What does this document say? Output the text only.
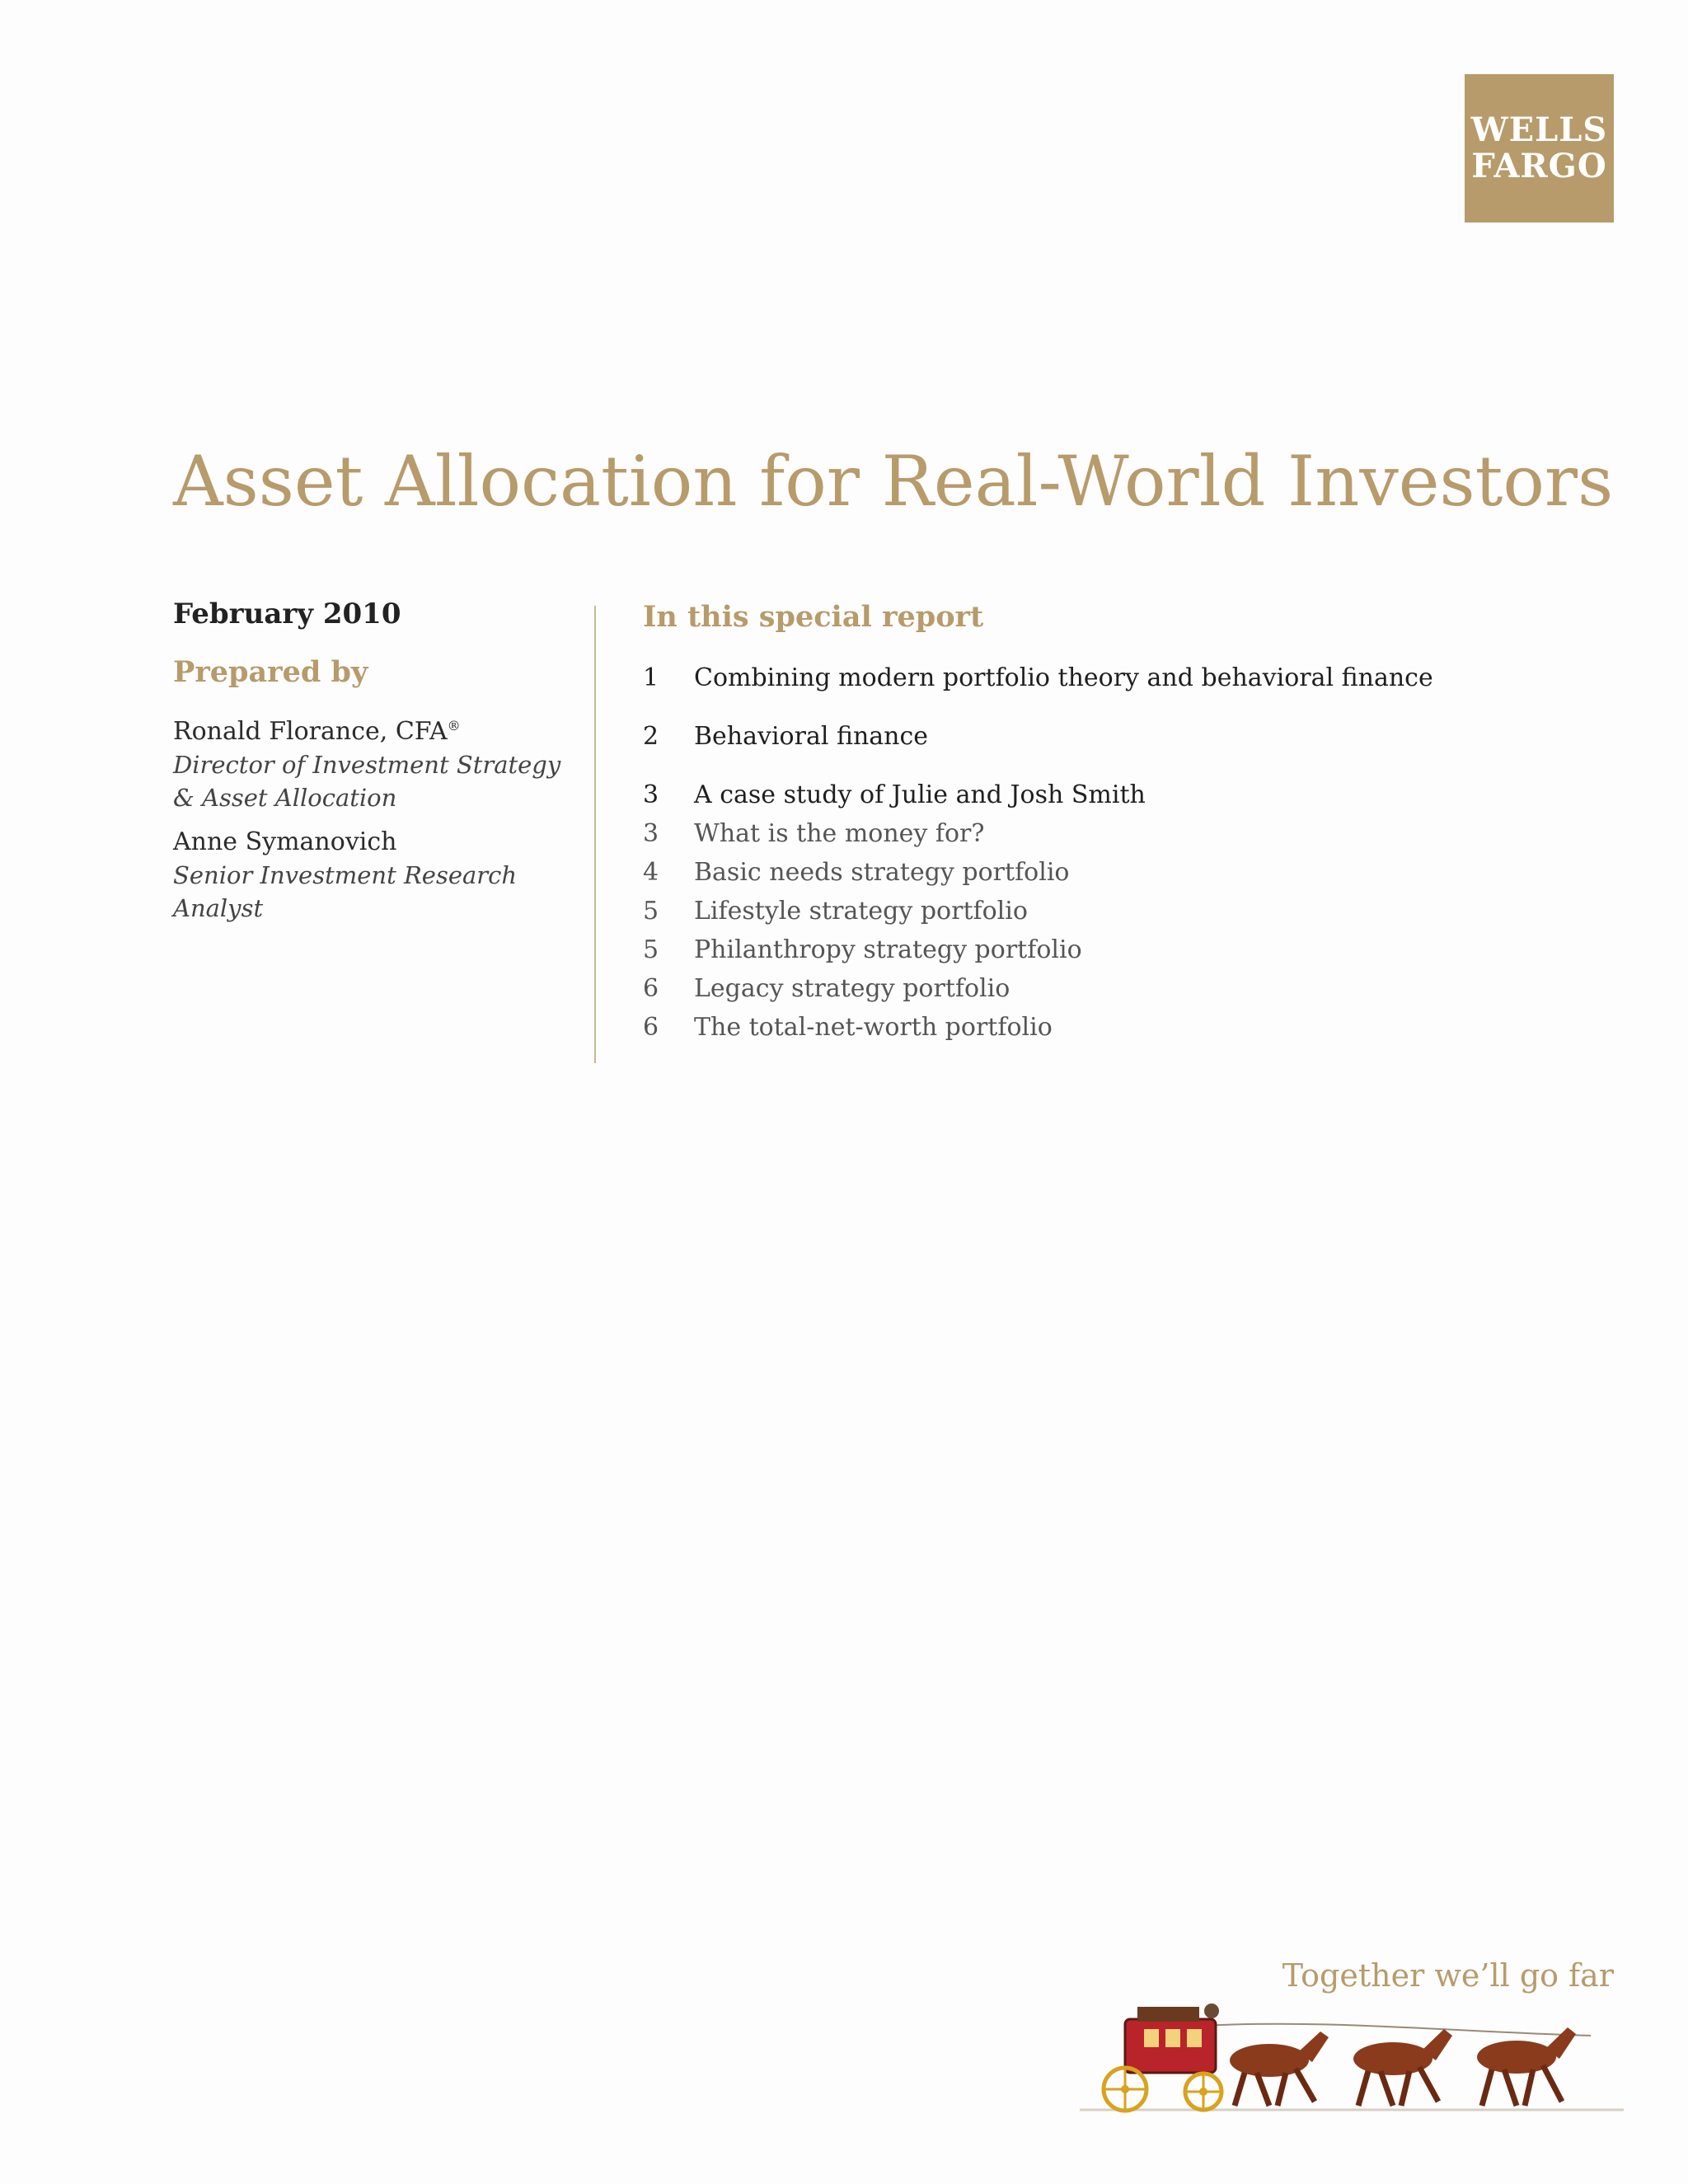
WELLS
FARGO
Asset Allocation for Real-World Investors
February 2010
Prepared by
Ronald Florance, CFA®
Director of Investment Strategy
& Asset Allocation
Anne Symanovich
Senior Investment Research
Analyst
In this special report
1	Combining modern portfolio theory and behavioral finance
2	Behavioral finance
3	A case study of Julie and Josh Smith
3	What is the money for?
4	Basic needs strategy portfolio
5	Lifestyle strategy portfolio
5	Philanthropy strategy portfolio
6	Legacy strategy portfolio
6	The total-net-worth portfolio
Together we’ll go far
